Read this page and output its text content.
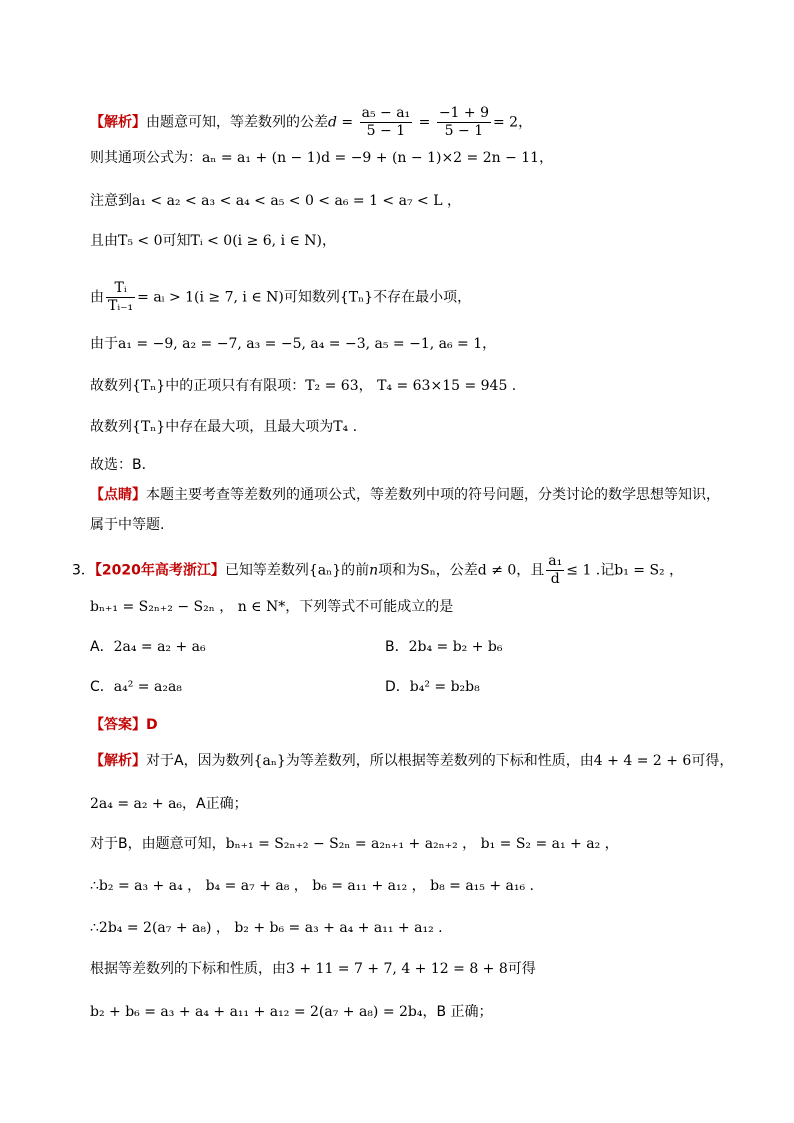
【解析】由题意可知，等差数列的公差$d = \frac{\text{a₅ − a₁}}{5 - 1} = \frac{-1 + 9}{5 - 1} = 2$，
则其通项公式为：aₙ = a₁ + (n − 1)d = −9 + (n − 1)×2 = 2n − 11，
注意到a₁ < a₂ < a₃ < a₄ < a₅ < 0 < a₆ = 1 < a₇ < L ，
且由T₅ < 0可知Tᵢ < 0(i ≥ 6, i ∈ N)，
由 $\frac{\text{Tᵢ}}{\text{Tᵢ₋₁}}$ = aᵢ > 1(i ≥ 7, i ∈ N)可知数列{Tₙ}不存在最小项，
由于a₁ = −9, a₂ = −7, a₃ = −5, a₄ = −3, a₅ = −1, a₆ = 1，
故数列{Tₙ}中的正项只有有限项：T₂ = 63， T₄ = 63×15 = 945 .
故数列{Tₙ}中存在最大项，且最大项为T₄ .
故选：B．
【点睛】本题主要考查等差数列的通项公式，等差数列中项的符号问题，分类讨论的数学思想等知识，
属于中等题.
3．【2020年高考浙江】已知等差数列{aₙ}的前n项和为Sₙ，公差d ≠ 0，且 $\frac{\text{a₁}}{d} \le 1$ .记b₁ = S₂ ，
bₙ₊₁ = S₂ₙ₊₂ − S₂ₙ ， n ∈ N*，下列等式不可能成立的是
A．2a₄ = a₂ + a₆	B．2b₄ = b₂ + b₆
C．a₄² = a₂a₈	D．b₄² = b₂b₈
【答案】D
【解析】对于A，因为数列{aₙ}为等差数列，所以根据等差数列的下标和性质，由4 + 4 = 2 + 6可得，
2a₄ = a₂ + a₆，A正确；
对于B，由题意可知，bₙ₊₁ = S₂ₙ₊₂ − S₂ₙ = a₂ₙ₊₁ + a₂ₙ₊₂ ， b₁ = S₂ = a₁ + a₂ ，
∴b₂ = a₃ + a₄ ， b₄ = a₇ + a₈ ， b₆ = a₁₁ + a₁₂ ， b₈ = a₁₅ + a₁₆ .
∴2b₄ = 2(a₇ + a₈) ， b₂ + b₆ = a₃ + a₄ + a₁₁ + a₁₂ .
根据等差数列的下标和性质，由3 + 11 = 7 + 7, 4 + 12 = 8 + 8可得
b₂ + b₆ = a₃ + a₄ + a₁₁ + a₁₂ = 2(a₇ + a₈) = 2b₄，B 正确；
